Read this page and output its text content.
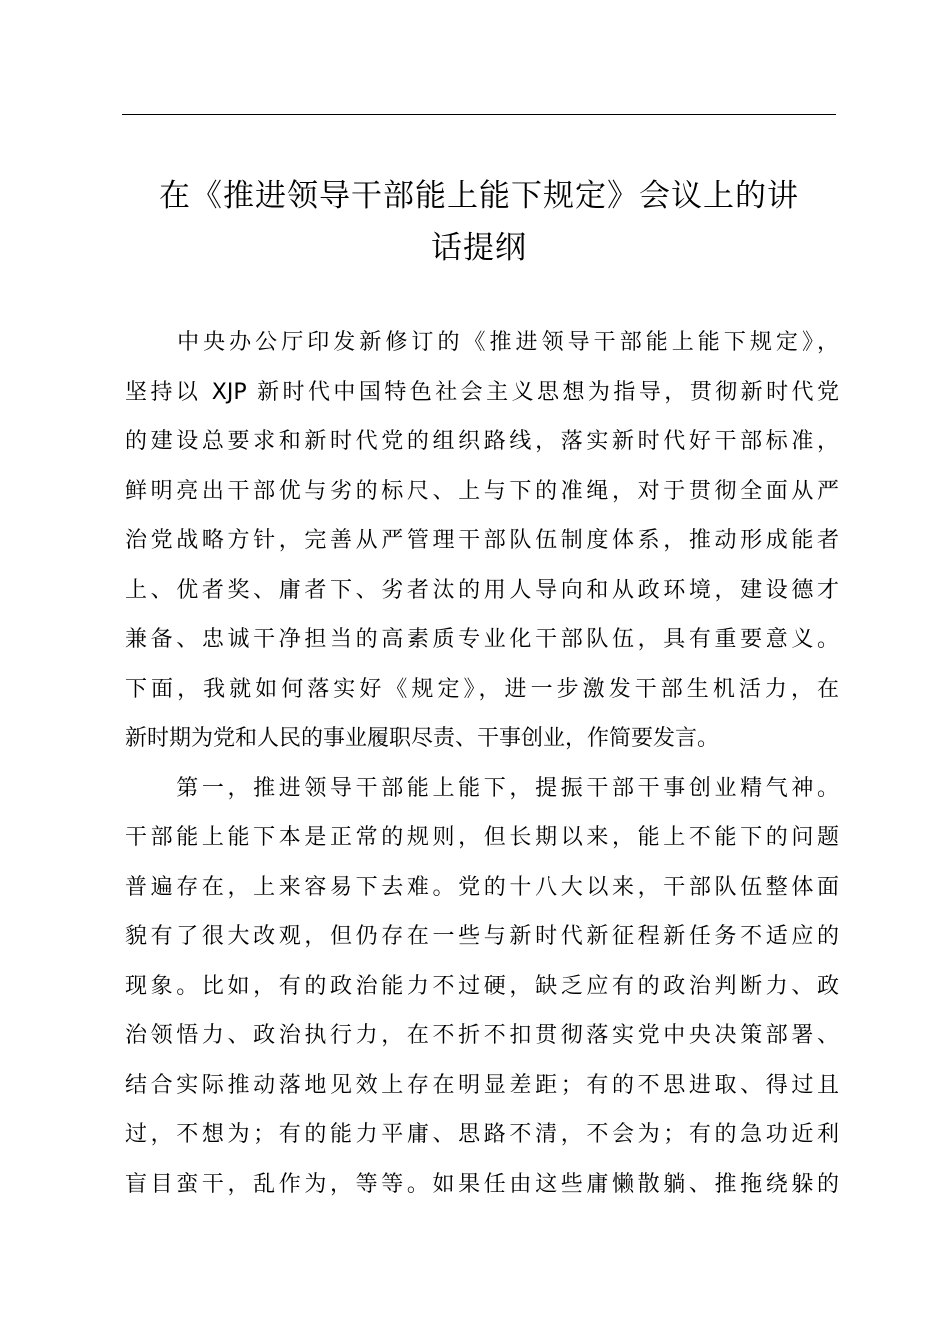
在《推进领导干部能上能下规定》会议上的讲
话提纲
　　中央办公厅印发新修订的《推进领导干部能上能下规定》，
坚持以 XJP 新时代中国特色社会主义思想为指导，贯彻新时代党
的建设总要求和新时代党的组织路线，落实新时代好干部标准，
鲜明亮出干部优与劣的标尺、上与下的准绳，对于贯彻全面从严
治党战略方针，完善从严管理干部队伍制度体系，推动形成能者
上、优者奖、庸者下、劣者汰的用人导向和从政环境，建设德才
兼备、忠诚干净担当的高素质专业化干部队伍，具有重要意义。
下面，我就如何落实好《规定》，进一步激发干部生机活力，在
新时期为党和人民的事业履职尽责、干事创业，作简要发言。
　　第一，推进领导干部能上能下，提振干部干事创业精气神。
干部能上能下本是正常的规则，但长期以来，能上不能下的问题
普遍存在，上来容易下去难。党的十八大以来，干部队伍整体面
貌有了很大改观，但仍存在一些与新时代新征程新任务不适应的
现象。比如，有的政治能力不过硬，缺乏应有的政治判断力、政
治领悟力、政治执行力，在不折不扣贯彻落实党中央决策部署、
结合实际推动落地见效上存在明显差距；有的不思进取、得过且
过，不想为；有的能力平庸、思路不清，不会为；有的急功近利
盲目蛮干，乱作为，等等。如果任由这些庸懒散躺、推拖绕躲的
